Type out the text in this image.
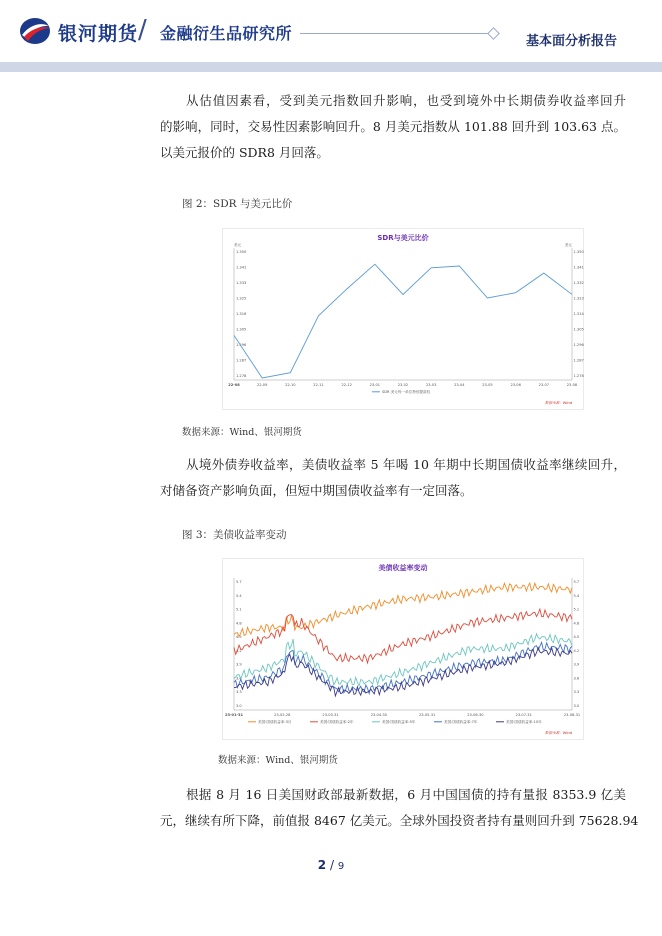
银河期货 / 金融衍生品研究所	基本面分析报告
从估值因素看，受到美元指数回升影响，也受到境外中长期债券收益率回升
的影响，同时，交易性因素影响回升。8 月美元指数从 101.88 回升到 103.63 点。
以美元报价的 SDR8 月回落。
图 2：SDR 与美元比价
SDR与美元比价
美元	美元
1.350
1.341
1.333
1.325
1.316
1.305
1.296
1.287
1.278
1.350
1.341
1.332
1.323
1.314
1.305
1.296
1.287
1.278
22-08	22-09	22-10	22-11	22-12	23-01	23-02	23-03	23-04	23-05	23-06	23-07	23-08
SDR 美元每一单位特别提款权
数据来源：Wind
数据来源：Wind、银河期货
从境外债券收益率，美债收益率 5 年喝 10 年期中长期国债收益率继续回升，
对储备资产影响负面，但短中期国债收益率有一定回落。
图 3：美债收益率变动
美债收益率变动
5.7
5.4
5.1
4.8
4.5
4.2
3.9
3.6
3.3
3.0
5.7
5.4
5.1
4.8
4.5
4.2
3.9
3.6
3.3
3.0
23-01-31	23-02-28	23-03-31	23-04-30	23-05-31	23-06-30	23-07-31	23-08-31
美国:国债收益率:3月	美国:国债收益率:2年	美国:国债收益率:5年	美国:国债收益率:7年	美国:国债收益率:10年
数据来源：Wind
数据来源：Wind、银河期货
根据 8 月 16 日美国财政部最新数据，6 月中国国债的持有量报 8353.9 亿美
元，继续有所下降，前值报 8467 亿美元。全球外国投资者持有量则回升到 75628.94
2 / 9
